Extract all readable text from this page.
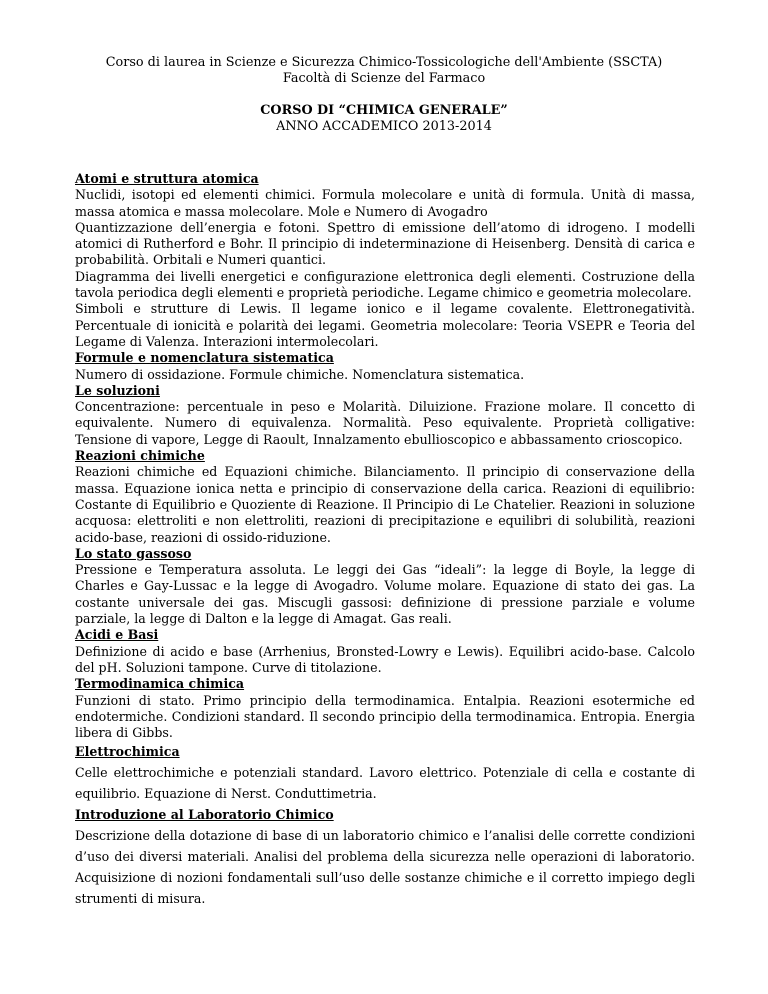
Corso di laurea in Scienze e Sicurezza Chimico-Tossicologiche dell'Ambiente (SSCTA)
Facoltà di Scienze del Farmaco
CORSO DI “CHIMICA GENERALE”
ANNO ACCADEMICO 2013-2014
Atomi e struttura atomica

Nuclidi, isotopi ed elementi chimici. Formula molecolare e unità di formula. Unità di massa, massa atomica e massa molecolare. Mole e Numero di Avogadro

Quantizzazione dell’energia e fotoni. Spettro di emissione dell’atomo di idrogeno. I modelli atomici di Rutherford e Bohr. Il principio di indeterminazione di Heisenberg. Densità di carica e probabilità. Orbitali e Numeri quantici.

Diagramma dei livelli energetici e configurazione elettronica degli elementi. Costruzione della tavola periodica degli elementi e proprietà periodiche. Legame chimico e geometria molecolare.

Simboli e strutture di Lewis. Il legame ionico e il legame covalente. Elettronegatività. Percentuale di ionicità e polarità dei legami. Geometria molecolare: Teoria VSEPR e Teoria del Legame di Valenza. Interazioni intermolecolari.

Formule e nomenclatura sistematica

Numero di ossidazione. Formule chimiche. Nomenclatura sistematica.

Le soluzioni

Concentrazione: percentuale in peso e Molarità. Diluizione. Frazione molare. Il concetto di equivalente. Numero di equivalenza. Normalità. Peso equivalente. Proprietà colligative: Tensione di vapore, Legge di Raoult, Innalzamento ebullioscopico e abbassamento crioscopico.

Reazioni chimiche

Reazioni chimiche ed Equazioni chimiche. Bilanciamento. Il principio di conservazione della massa. Equazione ionica netta e principio di conservazione della carica. Reazioni di equilibrio: Costante di Equilibrio e Quoziente di Reazione. Il Principio di Le Chatelier. Reazioni in soluzione acquosa: elettroliti e non elettroliti, reazioni di precipitazione e equilibri di solubilità, reazioni acido-base, reazioni di ossido-riduzione.

Lo stato gassoso

Pressione e Temperatura assoluta. Le leggi dei Gas “ideali”: la legge di Boyle, la legge di Charles e Gay-Lussac e la legge di Avogadro. Volume molare. Equazione di stato dei gas. La costante universale dei gas. Miscugli gassosi: definizione di pressione parziale e volume parziale, la legge di Dalton e la legge di Amagat. Gas reali.

Acidi e Basi

Definizione di acido e base (Arrhenius, Bronsted-Lowry e Lewis). Equilibri acido-base. Calcolo del pH. Soluzioni tampone. Curve di titolazione.

Termodinamica chimica

Funzioni di stato. Primo principio della termodinamica. Entalpia. Reazioni esotermiche ed endotermiche. Condizioni standard. Il secondo principio della termodinamica. Entropia. Energia libera di Gibbs.

Elettrochimica

Celle elettrochimiche e potenziali standard. Lavoro elettrico. Potenziale di cella e costante di equilibrio. Equazione di Nerst. Conduttimetria.

Introduzione al Laboratorio Chimico

Descrizione della dotazione di base di un laboratorio chimico e l’analisi delle corrette condizioni d’uso dei diversi materiali. Analisi del problema della sicurezza nelle operazioni di laboratorio. Acquisizione di nozioni fondamentali sull’uso delle sostanze chimiche e il corretto impiego degli strumenti di misura.
